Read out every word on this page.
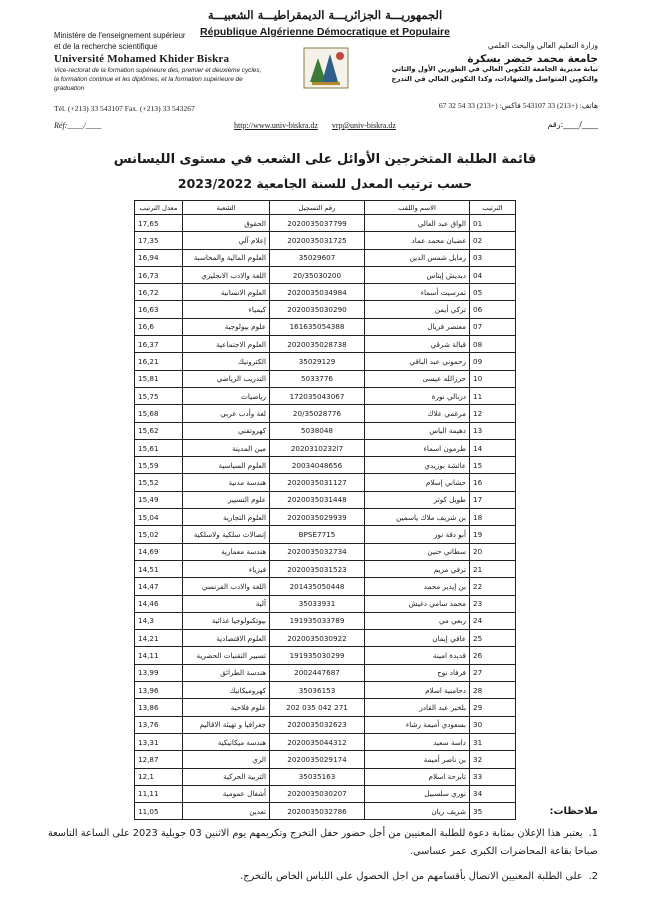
الجمهوريـــة الجزائريـــة الديمقراطيـــة الشعبيـــة
République Algérienne Démocratique et Populaire
Ministère de l'enseignement supérieur
et de la recherche scientifique
Université Mohamed Khider Biskra
Vice-rectorat de la formation supérieure des, premier et deuxième cycles, la formation continue et les diplômes, et la formation supérieure de graduation
وزارة التعليم العالي والبحث العلمي
جامعة محمد خيضر بسكرة
نيابة مديرية الجامعة للتكوين العالي في الطورين الأول والثاني والتكوين المتواصل والشهادات، وكذا التكوين العالي في التدرج
Tél. (+213) 33 543107 Fax. (+213) 33 543267	هاتف: (+213) 33 543107 فاكس: (+213) 33 54 32 67
Réf:____/____	http://www.univ-biskra.dz vrp@univ-biskra.dz	رقم:____/____
قائمة الطلبة المتخرجين الأوائل على الشعب في مستوى الليسانس
حسب ترتيب المعدل للسنة الجامعية 2023/2022
معدل الترتيب	الشعبة	رقم التسجيل	الاسم واللقب	الترتيب
17,65	الحقوق	2020035037799	الواق عبد العالي	01
17,35	إعلام آلي	2020035031725	غضبان محمد عماد	02
16,94	العلوم المالية والمحاسبة	35029607	رمايل شمس الدين	03
16,73	اللغة والادب الانجليزي	20/35030200	ديديش إيناس	04
16,72	العلوم الانسانية	2020035034984	تمرسيت أسماء	05
16,63	كيمياء	2020035030290	تركي أيمن	06
16,6	علوم بيولوجية	161635054388	معتصر فريال	07
16,37	العلوم الاجتماعية	2020035028738	قبالة شرقي	08
16,21	الكترونيك	35029129	رحموني عبد الباقي	09
15,81	التدريب الرياضي	5033776	حرزالله عيسى	10
15,75	رياضيات	172035043067	دربالي نورة	11
15,68	لغة وأدب عربي	20/35028776	مرغمي علاك	12
15,62	كهروتقني	5038048	دهيمة الياس	13
15,61	مين المدينة	2020310232l7	طرمون اسماء	14
15,59	العلوم السياسية	20034048656	عائشة بوزيدي	15
15,52	هندسة مدنية	2020035031127	حشاني إسلام	16
15,49	علوم التسيير	2020035031448	طويل كوثر	17
15,04	العلوم التجارية	2020035029939	بن شريف ملاك ياسمين	18
15,02	إتصالات سلكية ولاسلكية	BPSE7715	أبو دقة نور	19
14,69	هندسة معمارية	2020035032734	سطاتي حنين	20
14,51	فيزياء	2020035031523	ترفي مريم	21
14,47	اللغة والادب الفرنسي	201435050448	بن إيدير محمد	22
14,46	آلية	35033931	محمد سامي دغيش	23
14,3	بيوتكنولوجيا غذائية	191935033789	ربعي مي	24
14,21	العلوم الاقتصادية	2020035030922	عافي إيمان	25
14,11	تسيير التقنيات الحضرية	191935030299	قديدة امينة	26
13,99	هندسة الطرائق	2002447687	فرفاد نوح	27
13,96	كهروميكانيك	35036153	دحامنية اسلام	28
13,86	علوم فلاحية	202 035 042 271	بلخير عبد القادر	29
13,76	جغرافيا و تهيئة الاقاليم	2020035032623	بسعودي أميمة رشاء	30
13,31	هندسة ميكانيكية	2020035044312	داسة سعيد	31
12,87	الري	2020035029174	بن ناصر أميمة	32
12,1	التربية الحركية	35035163	تابرحة اسلام	33
11,11	أشغال عمومية	2020035030207	نوري سلسبيل	34
11,05	تعدين	2020035032786	شريف ريان	35	ملاحظات:
1.يعتبر هذا الإعلان بمثابة دعوة للطلبة المعنيين من أجل حضور حفل التخرج وتكريمهم يوم الاثنين 03 جويلية 2023 على الساعة التاسعة صباحا بقاعة المحاضرات الكبرى عمر عساسي.
2.على الطلبة المعنيين الاتصال بأقسامهم من اجل الحصول على اللباس الخاص بالتخرج.
